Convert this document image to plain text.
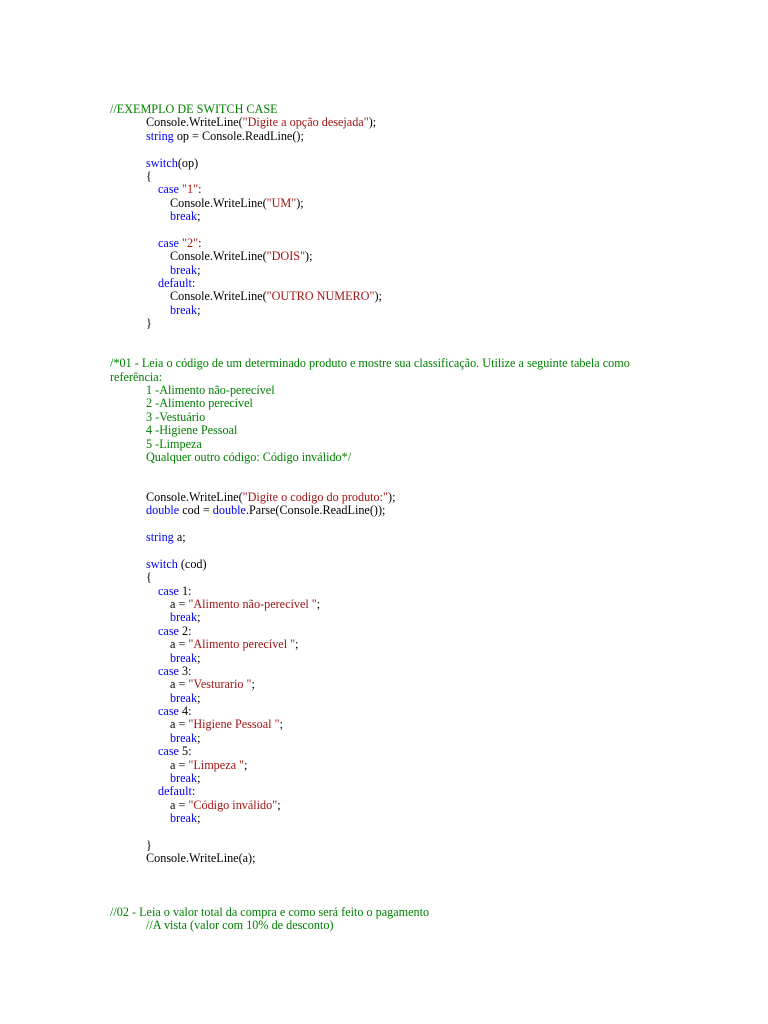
//EXEMPLO DE SWITCH CASE
Console.WriteLine("Digite a opção desejada");
string op = Console.ReadLine();
switch(op)
{
case "1":
Console.WriteLine("UM");
break;
case "2":
Console.WriteLine("DOIS");
break;
default:
Console.WriteLine("OUTRO NUMERO");
break;
}
/*01 - Leia o código de um determinado produto e mostre sua classificação. Utilize a seguinte tabela como
referência:
1 -Alimento não-perecível
2 -Alimento perecível
3 -Vestuário
4 -Higiene Pessoal
5 -Limpeza
Qualquer outro código: Código inválido*/
Console.WriteLine("Digite o codigo do produto:");
double cod = double.Parse(Console.ReadLine());
string a;
switch (cod)
{
case 1:
a = "Alimento não-perecível ";
break;
case 2:
a = "Alimento perecível ";
break;
case 3:
a = "Vesturario ";
break;
case 4:
a = "Higiene Pessoal ";
break;
case 5:
a = "Limpeza ";
break;
default:
a = "Código inválido";
break;
}
Console.WriteLine(a);
//02 - Leia o valor total da compra e como será feito o pagamento
//A vista (valor com 10% de desconto)
